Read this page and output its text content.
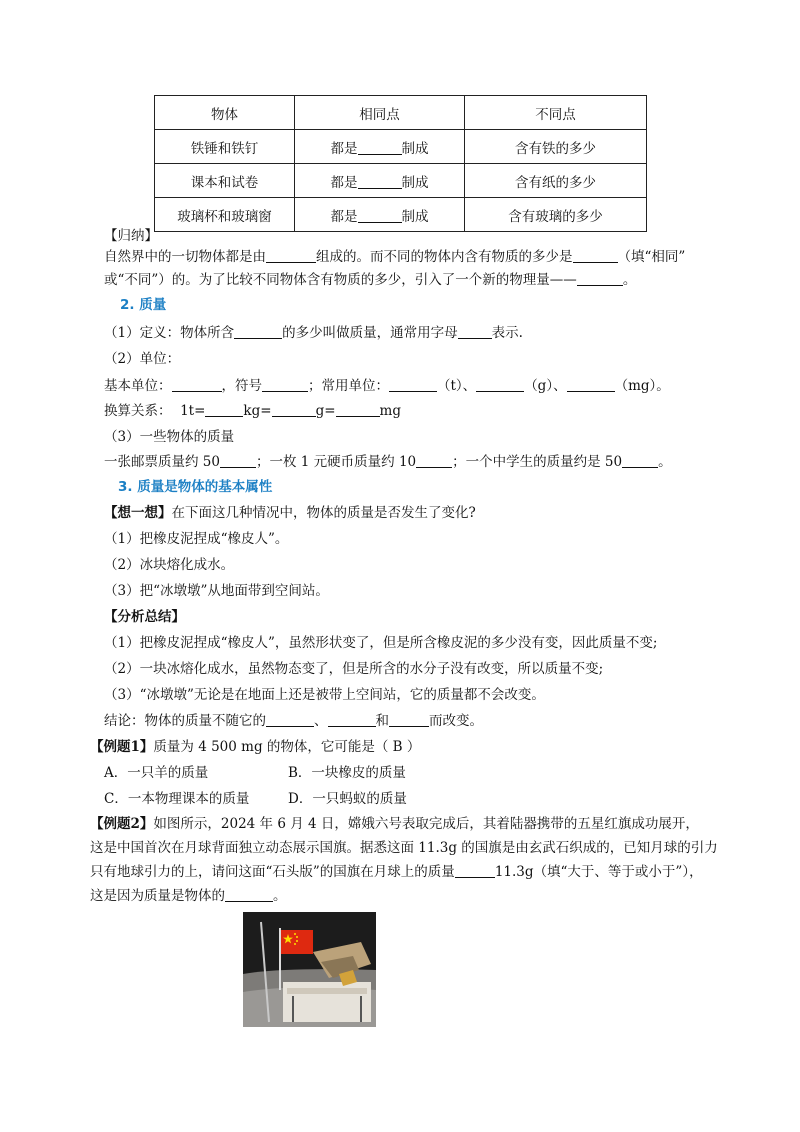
物体	相同点	不同点
铁锤和铁钉	都是 制成	含有铁的多少
课本和试卷	都是 制成	含有纸的多少
玻璃杯和玻璃窗	都是 制成	含有玻璃的多少
【归纳】
自然界中的一切物体都是由	组成的。而不同的物体内含有物质的多少是	（填“相同”
或“不同”）的。为了比较不同物体含有物质的多少，引入了一个新的物理量——	。
2. 质量
（1）定义：物体所含	的多少叫做质量，通常用字母	表示.
（2）单位：
基本单位：	，符号	；常用单位：	（t）、	（g）、	（mg）。
换算关系： 1t=	kg=	g=	mg
（3）一些物体的质量
一张邮票质量约 50	；一枚 1 元硬币质量约 10	；一个中学生的质量约是 50	。
3. 质量是物体的基本属性
【想一想】在下面这几种情况中，物体的质量是否发生了变化?
（1）把橡皮泥捏成“橡皮人”。
（2）冰块熔化成水。
（3）把“冰墩墩”从地面带到空间站。
【分析总结】
（1）把橡皮泥捏成“橡皮人”，虽然形状变了，但是所含橡皮泥的多少没有变，因此质量不变;
（2）一块冰熔化成水，虽然物态变了，但是所含的水分子没有改变，所以质量不变;
（3）“冰墩墩”无论是在地面上还是被带上空间站，它的质量都不会改变。
结论：物体的质量不随它的	、	和	而改变。
【例题1】质量为 4 500 mg 的物体，它可能是（ B ）
A．一只羊的质量	B．一块橡皮的质量
C．一本物理课本的质量	D．一只蚂蚁的质量
【例题2】如图所示，2024 年 6 月 4 日，嫦娥六号表取完成后，其着陆器携带的五星红旗成功展开，
这是中国首次在月球背面独立动态展示国旗。据悉这面 11.3g 的国旗是由玄武石织成的，已知月球的引力
只有地球引力的上，请问这面“石头版”的国旗在月球上的质量	11.3g（填“大于、等于或小于”），
这是因为质量是物体的	。
